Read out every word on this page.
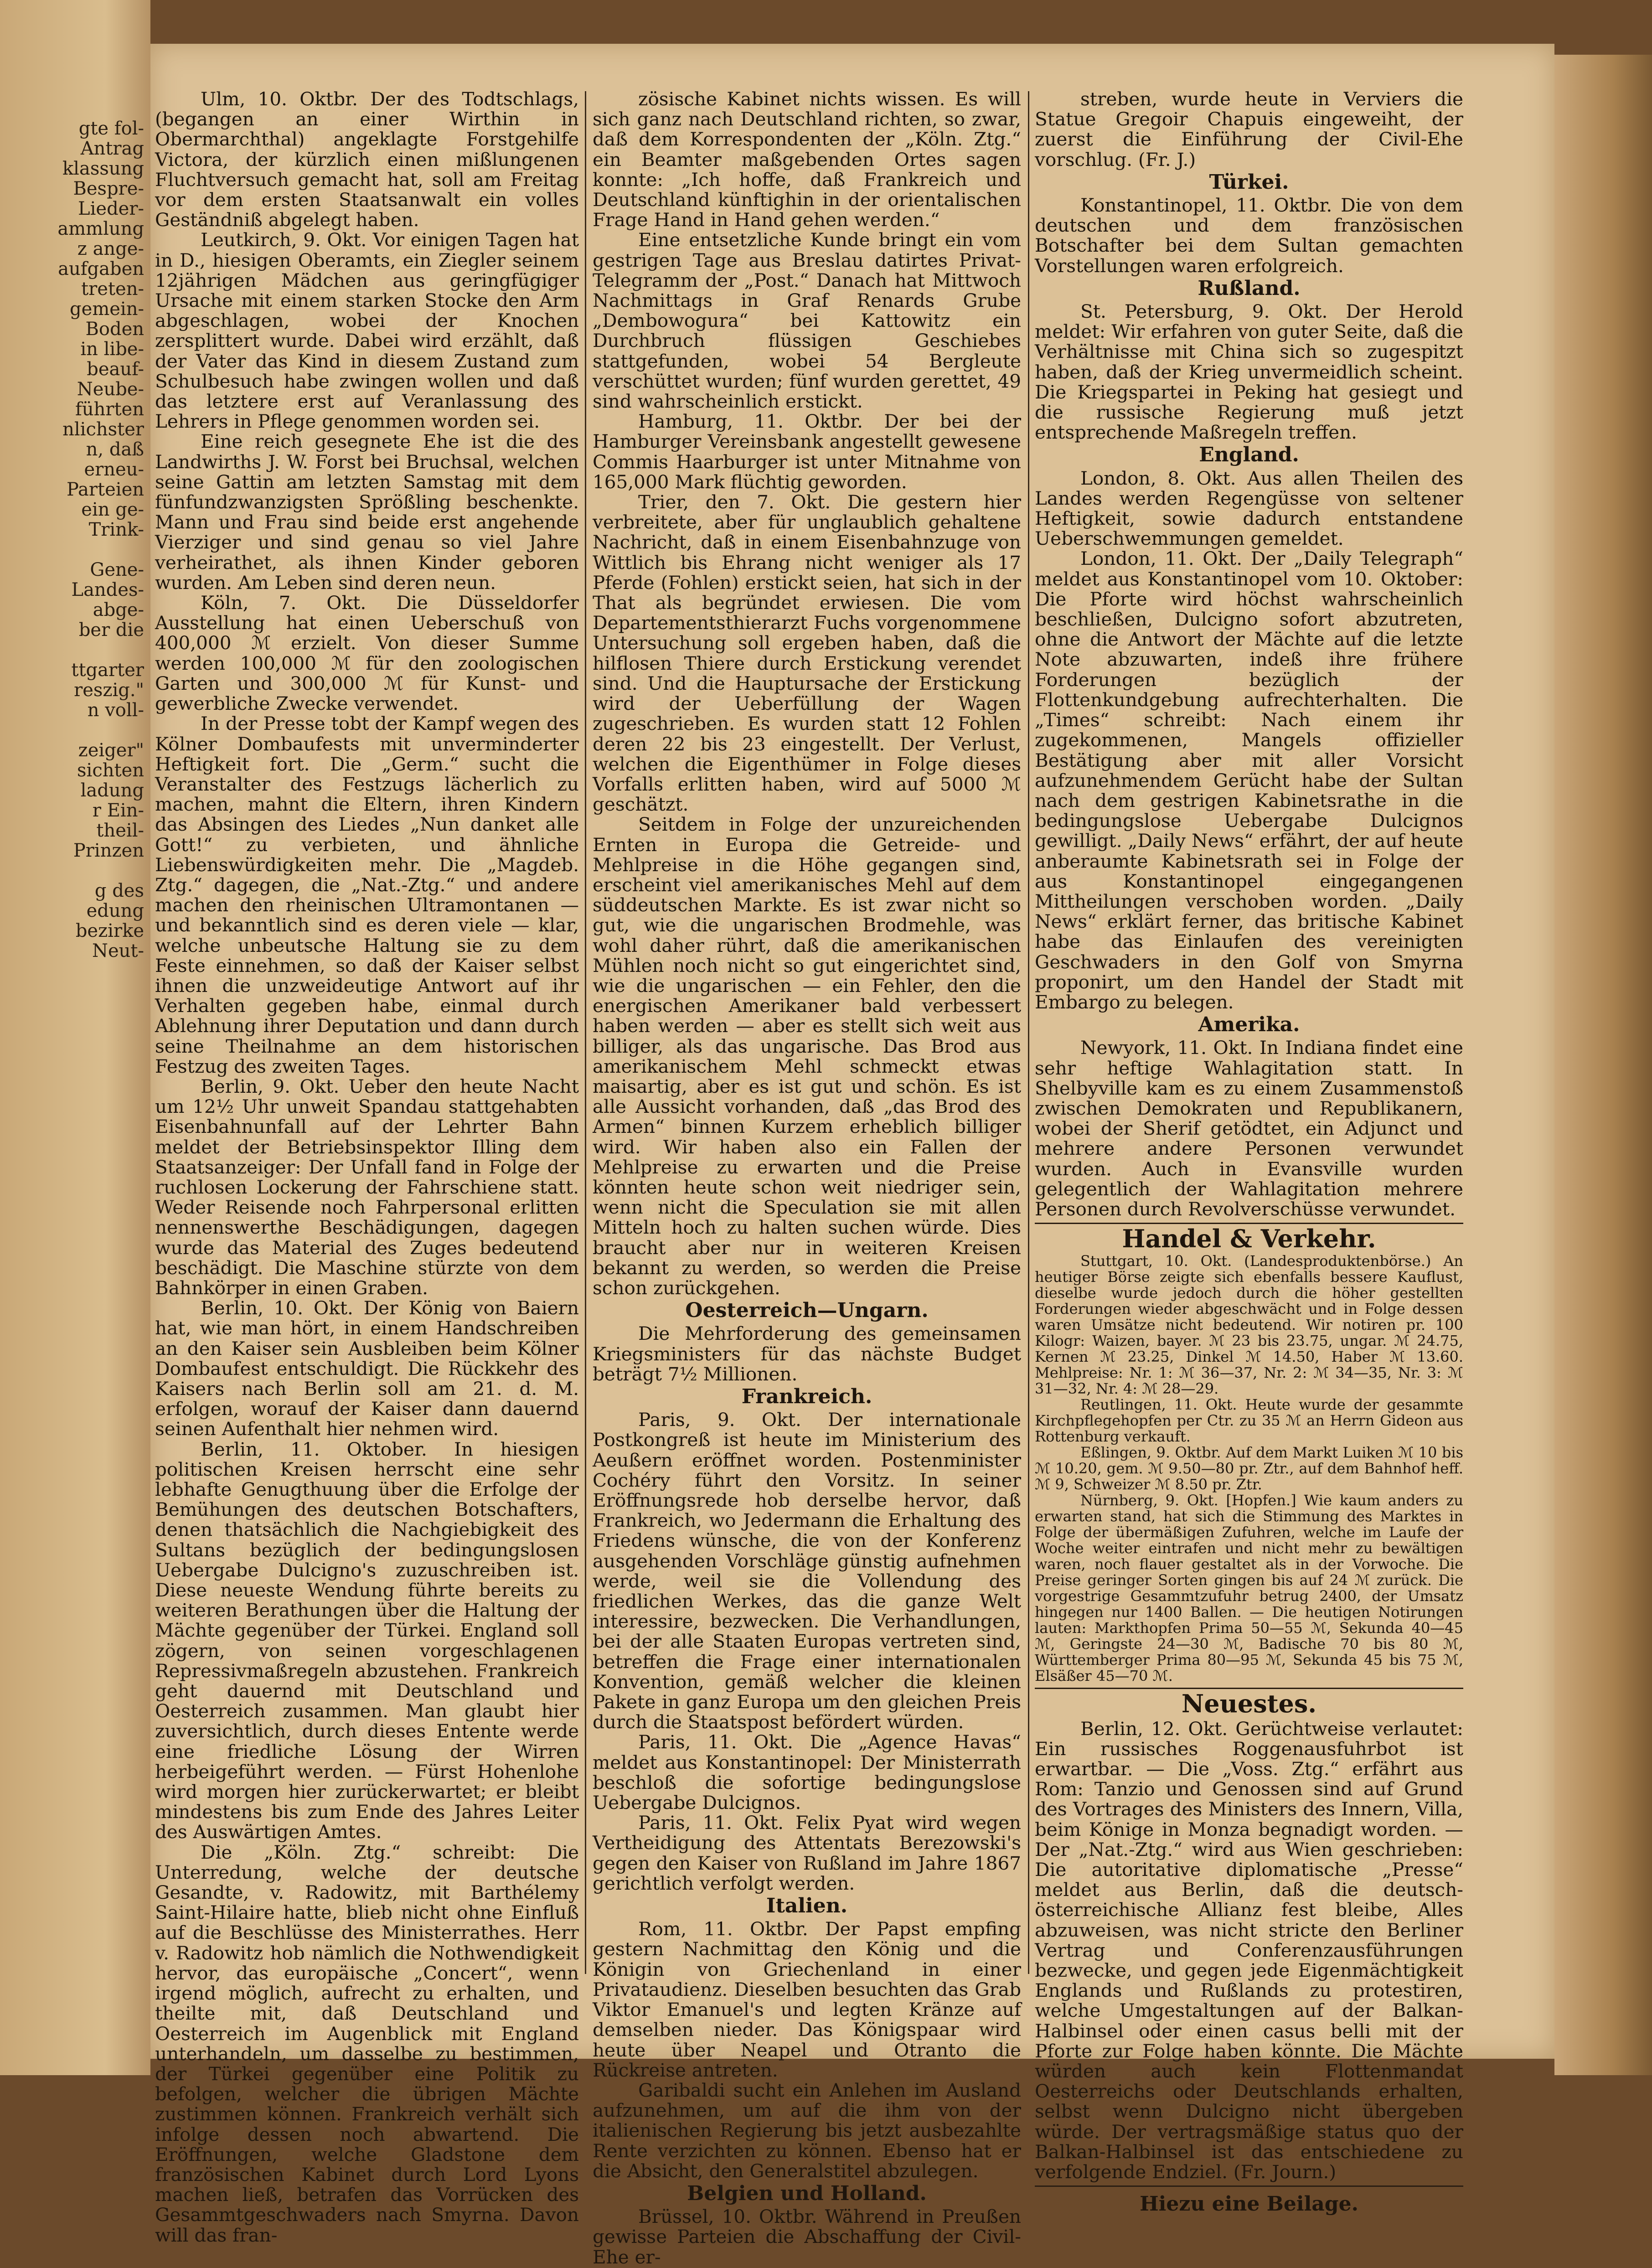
gte fol-
Antrag
klassung
Bespre-
Lieder-
ammlung
z ange-
aufgaben
treten-
gemein-
Boden
in libe-
beauf-
Neube-
führten
nlichster
n, daß
erneu-
Parteien
ein ge-
Trink-

Gene-
Landes-
abge-
ber die

ttgarter
reszig."
n voll-

zeiger"
sichten
ladung
r Ein-
theil-
Prinzen

g des
edung
bezirke
Neut-

Ulm, 10. Oktbr. Der des Todtschlags, (begangen an einer Wirthin in Obermarchthal) angeklagte Forstgehilfe Victora, der kürzlich einen mißlungenen Fluchtversuch gemacht hat, soll am Freitag vor dem ersten Staatsanwalt ein volles Geständniß abgelegt haben.

Leutkirch, 9. Okt. Vor einigen Tagen hat in D., hiesigen Oberamts, ein Ziegler seinem 12jährigen Mädchen aus geringfügiger Ursache mit einem starken Stocke den Arm abgeschlagen, wobei der Knochen zersplittert wurde. Dabei wird erzählt, daß der Vater das Kind in diesem Zustand zum Schulbesuch habe zwingen wollen und daß das letztere erst auf Veranlassung des Lehrers in Pflege genommen worden sei.

Eine reich gesegnete Ehe ist die des Landwirths J. W. Forst bei Bruchsal, welchen seine Gattin am letzten Samstag mit dem fünfundzwanzigsten Sprößling beschenkte. Mann und Frau sind beide erst angehende Vierziger und sind genau so viel Jahre verheirathet, als ihnen Kinder geboren wurden. Am Leben sind deren neun.

Köln, 7. Okt. Die Düsseldorfer Ausstellung hat einen Ueberschuß von 400,000 ℳ erzielt. Von dieser Summe werden 100,000 ℳ für den zoologischen Garten und 300,000 ℳ für Kunst- und gewerbliche Zwecke verwendet.

In der Presse tobt der Kampf wegen des Kölner Dombaufests mit unverminderter Heftigkeit fort. Die „Germ.“ sucht die Veranstalter des Festzugs lächerlich zu machen, mahnt die Eltern, ihren Kindern das Absingen des Liedes „Nun danket alle Gott!“ zu verbieten, und ähnliche Liebenswürdigkeiten mehr. Die „Magdeb. Ztg.“ dagegen, die „Nat.-Ztg.“ und andere machen den rheinischen Ultramontanen — und bekanntlich sind es deren viele — klar, welche unbeutsche Haltung sie zu dem Feste einnehmen, so daß der Kaiser selbst ihnen die unzweideutige Antwort auf ihr Verhalten gegeben habe, einmal durch Ablehnung ihrer Deputation und dann durch seine Theilnahme an dem historischen Festzug des zweiten Tages.

Berlin, 9. Okt. Ueber den heute Nacht um 12½ Uhr unweit Spandau stattgehabten Eisenbahnunfall auf der Lehrter Bahn meldet der Betriebsinspektor Illing dem Staatsanzeiger: Der Unfall fand in Folge der ruchlosen Lockerung der Fahrschiene statt. Weder Reisende noch Fahrpersonal erlitten nennenswerthe Beschädigungen, dagegen wurde das Material des Zuges bedeutend beschädigt. Die Maschine stürzte von dem Bahnkörper in einen Graben.

Berlin, 10. Okt. Der König von Baiern hat, wie man hört, in einem Handschreiben an den Kaiser sein Ausbleiben beim Kölner Dombaufest entschuldigt. Die Rückkehr des Kaisers nach Berlin soll am 21. d. M. erfolgen, worauf der Kaiser dann dauernd seinen Aufenthalt hier nehmen wird.

Berlin, 11. Oktober. In hiesigen politischen Kreisen herrscht eine sehr lebhafte Genugthuung über die Erfolge der Bemühungen des deutschen Botschafters, denen thatsächlich die Nachgiebigkeit des Sultans bezüglich der bedingungslosen Uebergabe Dulcigno's zuzuschreiben ist. Diese neueste Wendung führte bereits zu weiteren Berathungen über die Haltung der Mächte gegenüber der Türkei. England soll zögern, von seinen vorgeschlagenen Repressivmaßregeln abzustehen. Frankreich geht dauernd mit Deutschland und Oesterreich zusammen. Man glaubt hier zuversichtlich, durch dieses Entente werde eine friedliche Lösung der Wirren herbeigeführt werden. — Fürst Hohenlohe wird morgen hier zurückerwartet; er bleibt mindestens bis zum Ende des Jahres Leiter des Auswärtigen Amtes.

Die „Köln. Ztg.“ schreibt: Die Unterredung, welche der deutsche Gesandte, v. Radowitz, mit Barthélemy Saint-Hilaire hatte, blieb nicht ohne Einfluß auf die Beschlüsse des Ministerrathes. Herr v. Radowitz hob nämlich die Nothwendigkeit hervor, das europäische „Concert“, wenn irgend möglich, aufrecht zu erhalten, und theilte mit, daß Deutschland und Oesterreich im Augenblick mit England unterhandeln, um dasselbe zu bestimmen, der Türkei gegenüber eine Politik zu befolgen, welcher die übrigen Mächte zustimmen können. Frankreich verhält sich infolge dessen noch abwartend. Die Eröffnungen, welche Gladstone dem französischen Kabinet durch Lord Lyons machen ließ, betrafen das Vorrücken des Gesammtgeschwaders nach Smyrna. Davon will das fran-

zösische Kabinet nichts wissen. Es will sich ganz nach Deutschland richten, so zwar, daß dem Korrespondenten der „Köln. Ztg.“ ein Beamter maßgebenden Ortes sagen konnte: „Ich hoffe, daß Frankreich und Deutschland künftighin in der orientalischen Frage Hand in Hand gehen werden.“

Eine entsetzliche Kunde bringt ein vom gestrigen Tage aus Breslau datirtes Privat-Telegramm der „Post.“ Danach hat Mittwoch Nachmittags in Graf Renards Grube „Dembowogura“ bei Kattowitz ein Durchbruch flüssigen Geschiebes stattgefunden, wobei 54 Bergleute verschüttet wurden; fünf wurden gerettet, 49 sind wahrscheinlich erstickt.

Hamburg, 11. Oktbr. Der bei der Hamburger Vereinsbank angestellt gewesene Commis Haarburger ist unter Mitnahme von 165,000 Mark flüchtig geworden.

Trier, den 7. Okt. Die gestern hier verbreitete, aber für unglaublich gehaltene Nachricht, daß in einem Eisenbahnzuge von Wittlich bis Ehrang nicht weniger als 17 Pferde (Fohlen) erstickt seien, hat sich in der That als begründet erwiesen. Die vom Departementsthierarzt Fuchs vorgenommene Untersuchung soll ergeben haben, daß die hilflosen Thiere durch Erstickung verendet sind. Und die Hauptursache der Erstickung wird der Ueberfüllung der Wagen zugeschrieben. Es wurden statt 12 Fohlen deren 22 bis 23 eingestellt. Der Verlust, welchen die Eigenthümer in Folge dieses Vorfalls erlitten haben, wird auf 5000 ℳ geschätzt.

Seitdem in Folge der unzureichenden Ernten in Europa die Getreide- und Mehlpreise in die Höhe gegangen sind, erscheint viel amerikanisches Mehl auf dem süddeutschen Markte. Es ist zwar nicht so gut, wie die ungarischen Brodmehle, was wohl daher rührt, daß die amerikanischen Mühlen noch nicht so gut eingerichtet sind, wie die ungarischen — ein Fehler, den die energischen Amerikaner bald verbessert haben werden — aber es stellt sich weit aus billiger, als das ungarische. Das Brod aus amerikanischem Mehl schmeckt etwas maisartig, aber es ist gut und schön. Es ist alle Aussicht vorhanden, daß „das Brod des Armen“ binnen Kurzem erheblich billiger wird. Wir haben also ein Fallen der Mehlpreise zu erwarten und die Preise könnten heute schon weit niedriger sein, wenn nicht die Speculation sie mit allen Mitteln hoch zu halten suchen würde. Dies braucht aber nur in weiteren Kreisen bekannt zu werden, so werden die Preise schon zurückgehen.

Oesterreich—Ungarn.

Die Mehrforderung des gemeinsamen Kriegsministers für das nächste Budget beträgt 7½ Millionen.

Frankreich.

Paris, 9. Okt. Der internationale Postkongreß ist heute im Ministerium des Aeußern eröffnet worden. Postenminister Cochéry führt den Vorsitz. In seiner Eröffnungsrede hob derselbe hervor, daß Frankreich, wo Jedermann die Erhaltung des Friedens wünsche, die von der Konferenz ausgehenden Vorschläge günstig aufnehmen werde, weil sie die Vollendung des friedlichen Werkes, das die ganze Welt interessire, bezwecken. Die Verhandlungen, bei der alle Staaten Europas vertreten sind, betreffen die Frage einer internationalen Konvention, gemäß welcher die kleinen Pakete in ganz Europa um den gleichen Preis durch die Staatspost befördert würden.

Paris, 11. Okt. Die „Agence Havas“ meldet aus Konstantinopel: Der Ministerrath beschloß die sofortige bedingungslose Uebergabe Dulcignos.

Paris, 11. Okt. Felix Pyat wird wegen Vertheidigung des Attentats Berezowski's gegen den Kaiser von Rußland im Jahre 1867 gerichtlich verfolgt werden.

Italien.

Rom, 11. Oktbr. Der Papst empfing gestern Nachmittag den König und die Königin von Griechenland in einer Privataudienz. Dieselben besuchten das Grab Viktor Emanuel's und legten Kränze auf demselben nieder. Das Königspaar wird heute über Neapel und Otranto die Rückreise antreten.

Garibaldi sucht ein Anlehen im Ausland aufzunehmen, um auf die ihm von der italienischen Regierung bis jetzt ausbezahlte Rente verzichten zu können. Ebenso hat er die Absicht, den Generalstitel abzulegen.

Belgien und Holland.

Brüssel, 10. Oktbr. Während in Preußen gewisse Parteien die Abschaffung der Civil-Ehe er-

streben, wurde heute in Verviers die Statue Gregoir Chapuis eingeweiht, der zuerst die Einführung der Civil-Ehe vorschlug. (Fr. J.)

Türkei.

Konstantinopel, 11. Oktbr. Die von dem deutschen und dem französischen Botschafter bei dem Sultan gemachten Vorstellungen waren erfolgreich.

Rußland.

St. Petersburg, 9. Okt. Der Herold meldet: Wir erfahren von guter Seite, daß die Verhältnisse mit China sich so zugespitzt haben, daß der Krieg unvermeidlich scheint. Die Kriegspartei in Peking hat gesiegt und die russische Regierung muß jetzt entsprechende Maßregeln treffen.

England.

London, 8. Okt. Aus allen Theilen des Landes werden Regengüsse von seltener Heftigkeit, sowie dadurch entstandene Ueberschwemmungen gemeldet.

London, 11. Okt. Der „Daily Telegraph“ meldet aus Konstantinopel vom 10. Oktober: Die Pforte wird höchst wahrscheinlich beschließen, Dulcigno sofort abzutreten, ohne die Antwort der Mächte auf die letzte Note abzuwarten, indeß ihre frühere Forderungen bezüglich der Flottenkundgebung aufrechterhalten. Die „Times“ schreibt: Nach einem ihr zugekommenen, Mangels offizieller Bestätigung aber mit aller Vorsicht aufzunehmendem Gerücht habe der Sultan nach dem gestrigen Kabinetsrathe in die bedingungslose Uebergabe Dulcignos gewilligt. „Daily News“ erfährt, der auf heute anberaumte Kabinetsrath sei in Folge der aus Konstantinopel eingegangenen Mittheilungen verschoben worden. „Daily News“ erklärt ferner, das britische Kabinet habe das Einlaufen des vereinigten Geschwaders in den Golf von Smyrna proponirt, um den Handel der Stadt mit Embargo zu belegen.

Amerika.

Newyork, 11. Okt. In Indiana findet eine sehr heftige Wahlagitation statt. In Shelbyville kam es zu einem Zusammenstoß zwischen Demokraten und Republikanern, wobei der Sherif getödtet, ein Adjunct und mehrere andere Personen verwundet wurden. Auch in Evansville wurden gelegentlich der Wahlagitation mehrere Personen durch Revolverschüsse verwundet.

Handel & Verkehr.

Stuttgart, 10. Okt. (Landesproduktenbörse.) An heutiger Börse zeigte sich ebenfalls bessere Kauflust, dieselbe wurde jedoch durch die höher gestellten Forderungen wieder abgeschwächt und in Folge dessen waren Umsätze nicht bedeutend. Wir notiren pr. 100 Kilogr: Waizen, bayer. ℳ 23 bis 23.75, ungar. ℳ 24.75, Kernen ℳ 23.25, Dinkel ℳ 14.50, Haber ℳ 13.60. Mehlpreise: Nr. 1: ℳ 36—37, Nr. 2: ℳ 34—35, Nr. 3: ℳ 31—32, Nr. 4: ℳ 28—29.

Reutlingen, 11. Okt. Heute wurde der gesammte Kirchpflegehopfen per Ctr. zu 35 ℳ an Herrn Gideon aus Rottenburg verkauft.

Eßlingen, 9. Oktbr. Auf dem Markt Luiken ℳ 10 bis ℳ 10.20, gem. ℳ 9.50—80 pr. Ztr., auf dem Bahnhof heff. ℳ 9, Schweizer ℳ 8.50 pr. Ztr.

Nürnberg, 9. Okt. [Hopfen.] Wie kaum anders zu erwarten stand, hat sich die Stimmung des Marktes in Folge der übermäßigen Zufuhren, welche im Laufe der Woche weiter eintrafen und nicht mehr zu bewältigen waren, noch flauer gestaltet als in der Vorwoche. Die Preise geringer Sorten gingen bis auf 24 ℳ zurück. Die vorgestrige Gesammtzufuhr betrug 2400, der Umsatz hingegen nur 1400 Ballen. — Die heutigen Notirungen lauten: Markthopfen Prima 50—55 ℳ, Sekunda 40—45 ℳ, Geringste 24—30 ℳ, Badische 70 bis 80 ℳ, Württemberger Prima 80—95 ℳ, Sekunda 45 bis 75 ℳ, Elsäßer 45—70 ℳ.

Neuestes.

Berlin, 12. Okt. Gerüchtweise verlautet: Ein russisches Roggenausfuhrbot ist erwartbar. — Die „Voss. Ztg.“ erfährt aus Rom: Tanzio und Genossen sind auf Grund des Vortrages des Ministers des Innern, Villa, beim Könige in Monza begnadigt worden. — Der „Nat.-Ztg.“ wird aus Wien geschrieben: Die autoritative diplomatische „Presse“ meldet aus Berlin, daß die deutsch-österreichische Allianz fest bleibe, Alles abzuweisen, was nicht stricte den Berliner Vertrag und Conferenzausführungen bezwecke, und gegen jede Eigenmächtigkeit Englands und Rußlands zu protestiren, welche Umgestaltungen auf der Balkan-Halbinsel oder einen casus belli mit der Pforte zur Folge haben könnte. Die Mächte würden auch kein Flottenmandat Oesterreichs oder Deutschlands erhalten, selbst wenn Dulcigno nicht übergeben würde. Der vertragsmäßige status quo der Balkan-Halbinsel ist das entschiedene zu verfolgende Endziel. (Fr. Journ.)

Hiezu eine Beilage.
